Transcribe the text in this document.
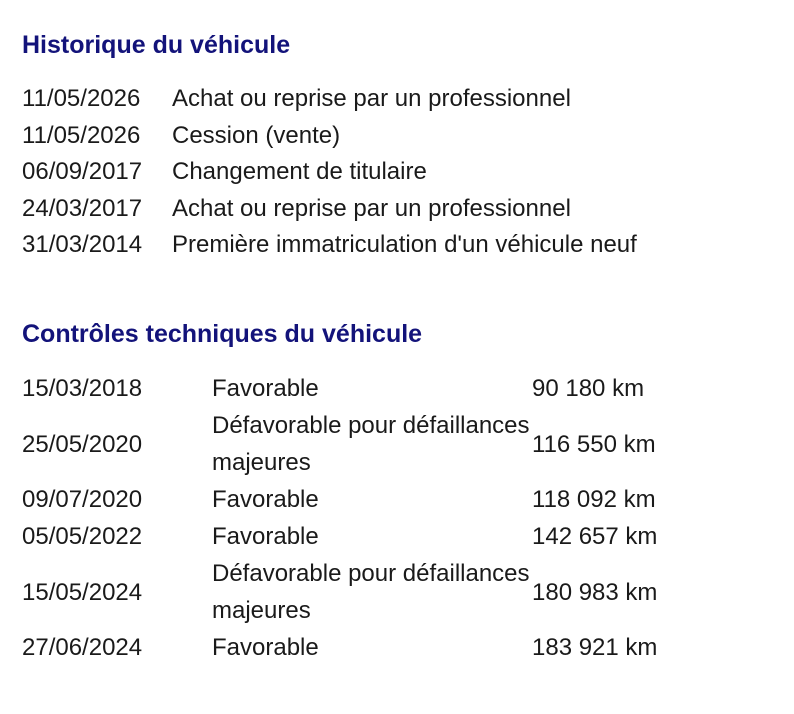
Historique du véhicule
11/05/2026	Achat ou reprise par un professionnel
11/05/2026	Cession (vente)
06/09/2017	Changement de titulaire
24/03/2017	Achat ou reprise par un professionnel
31/03/2014	Première immatriculation d'un véhicule neuf
Contrôles techniques du véhicule
15/03/2018	Favorable	90 180 km
25/05/2020	Défavorable pour défaillances majeures	116 550 km
09/07/2020	Favorable	118 092 km
05/05/2022	Favorable	142 657 km
15/05/2024	Défavorable pour défaillances majeures	180 983 km
27/06/2024	Favorable	183 921 km
